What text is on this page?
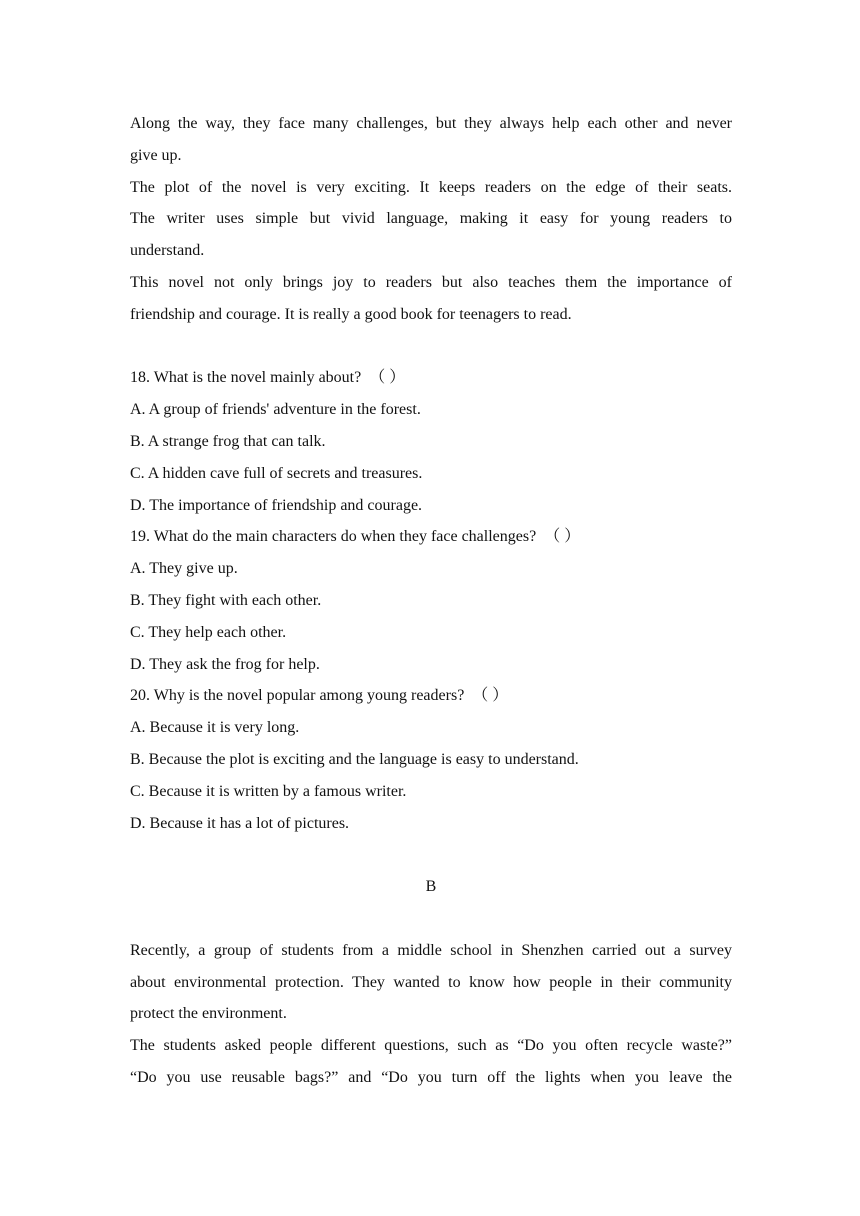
Along the way, they face many challenges, but they always help each other and never
give up.
The plot of the novel is very exciting. It keeps readers on the edge of their seats.
The writer uses simple but vivid language, making it easy for young readers to
understand.
This novel not only brings joy to readers but also teaches them the importance of
friendship and courage. It is really a good book for teenagers to read.
18. What is the novel mainly about? （ ）
A. A group of friends' adventure in the forest.
B. A strange frog that can talk.
C. A hidden cave full of secrets and treasures.
D. The importance of friendship and courage.
19. What do the main characters do when they face challenges? （ ）
A. They give up.
B. They fight with each other.
C. They help each other.
D. They ask the frog for help.
20. Why is the novel popular among young readers? （ ）
A. Because it is very long.
B. Because the plot is exciting and the language is easy to understand.
C. Because it is written by a famous writer.
D. Because it has a lot of pictures.
B
Recently, a group of students from a middle school in Shenzhen carried out a survey
about environmental protection. They wanted to know how people in their community
protect the environment.
The students asked people different questions, such as “Do you often recycle waste?”
“Do you use reusable bags?” and “Do you turn off the lights when you leave the
